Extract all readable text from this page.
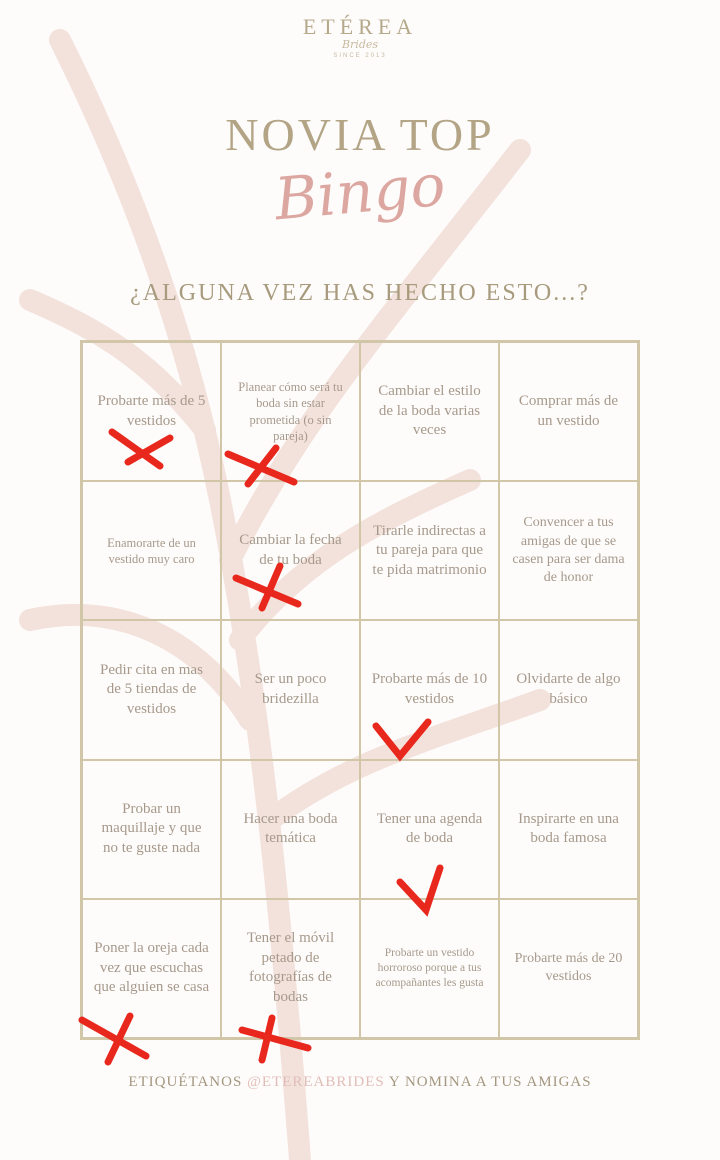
ETÉREA
Brides
SINCE 2013
NOVIA TOP
Bingo
¿ALGUNA VEZ HAS HECHO ESTO...?
Probarte más de 5 vestidos
Planear cómo será tu boda sin estar prometida (o sin pareja)
Cambiar el estilo de la boda varias veces
Comprar más de un vestido
Enamorarte de un vestido muy caro
Cambiar la fecha de tu boda
Tirarle indirectas a tu pareja para que te pida matrimonio
Convencer a tus amigas de que se casen para ser dama de honor
Pedir cita en mas de 5 tiendas de vestidos
Ser un poco bridezilla
Probarte más de 10 vestidos
Olvidarte de algo básico
Probar un maquillaje y que no te guste nada
Hacer una boda temática
Tener una agenda de boda
Inspirarte en una boda famosa
Poner la oreja cada vez que escuchas que alguien se casa
Tener el móvil petado de fotografías de bodas
Probarte un vestido horroroso porque a tus acompañantes les gusta
Probarte más de 20 vestidos
ETIQUÉTANOS @ETEREABRIDES Y NOMINA A TUS AMIGAS
